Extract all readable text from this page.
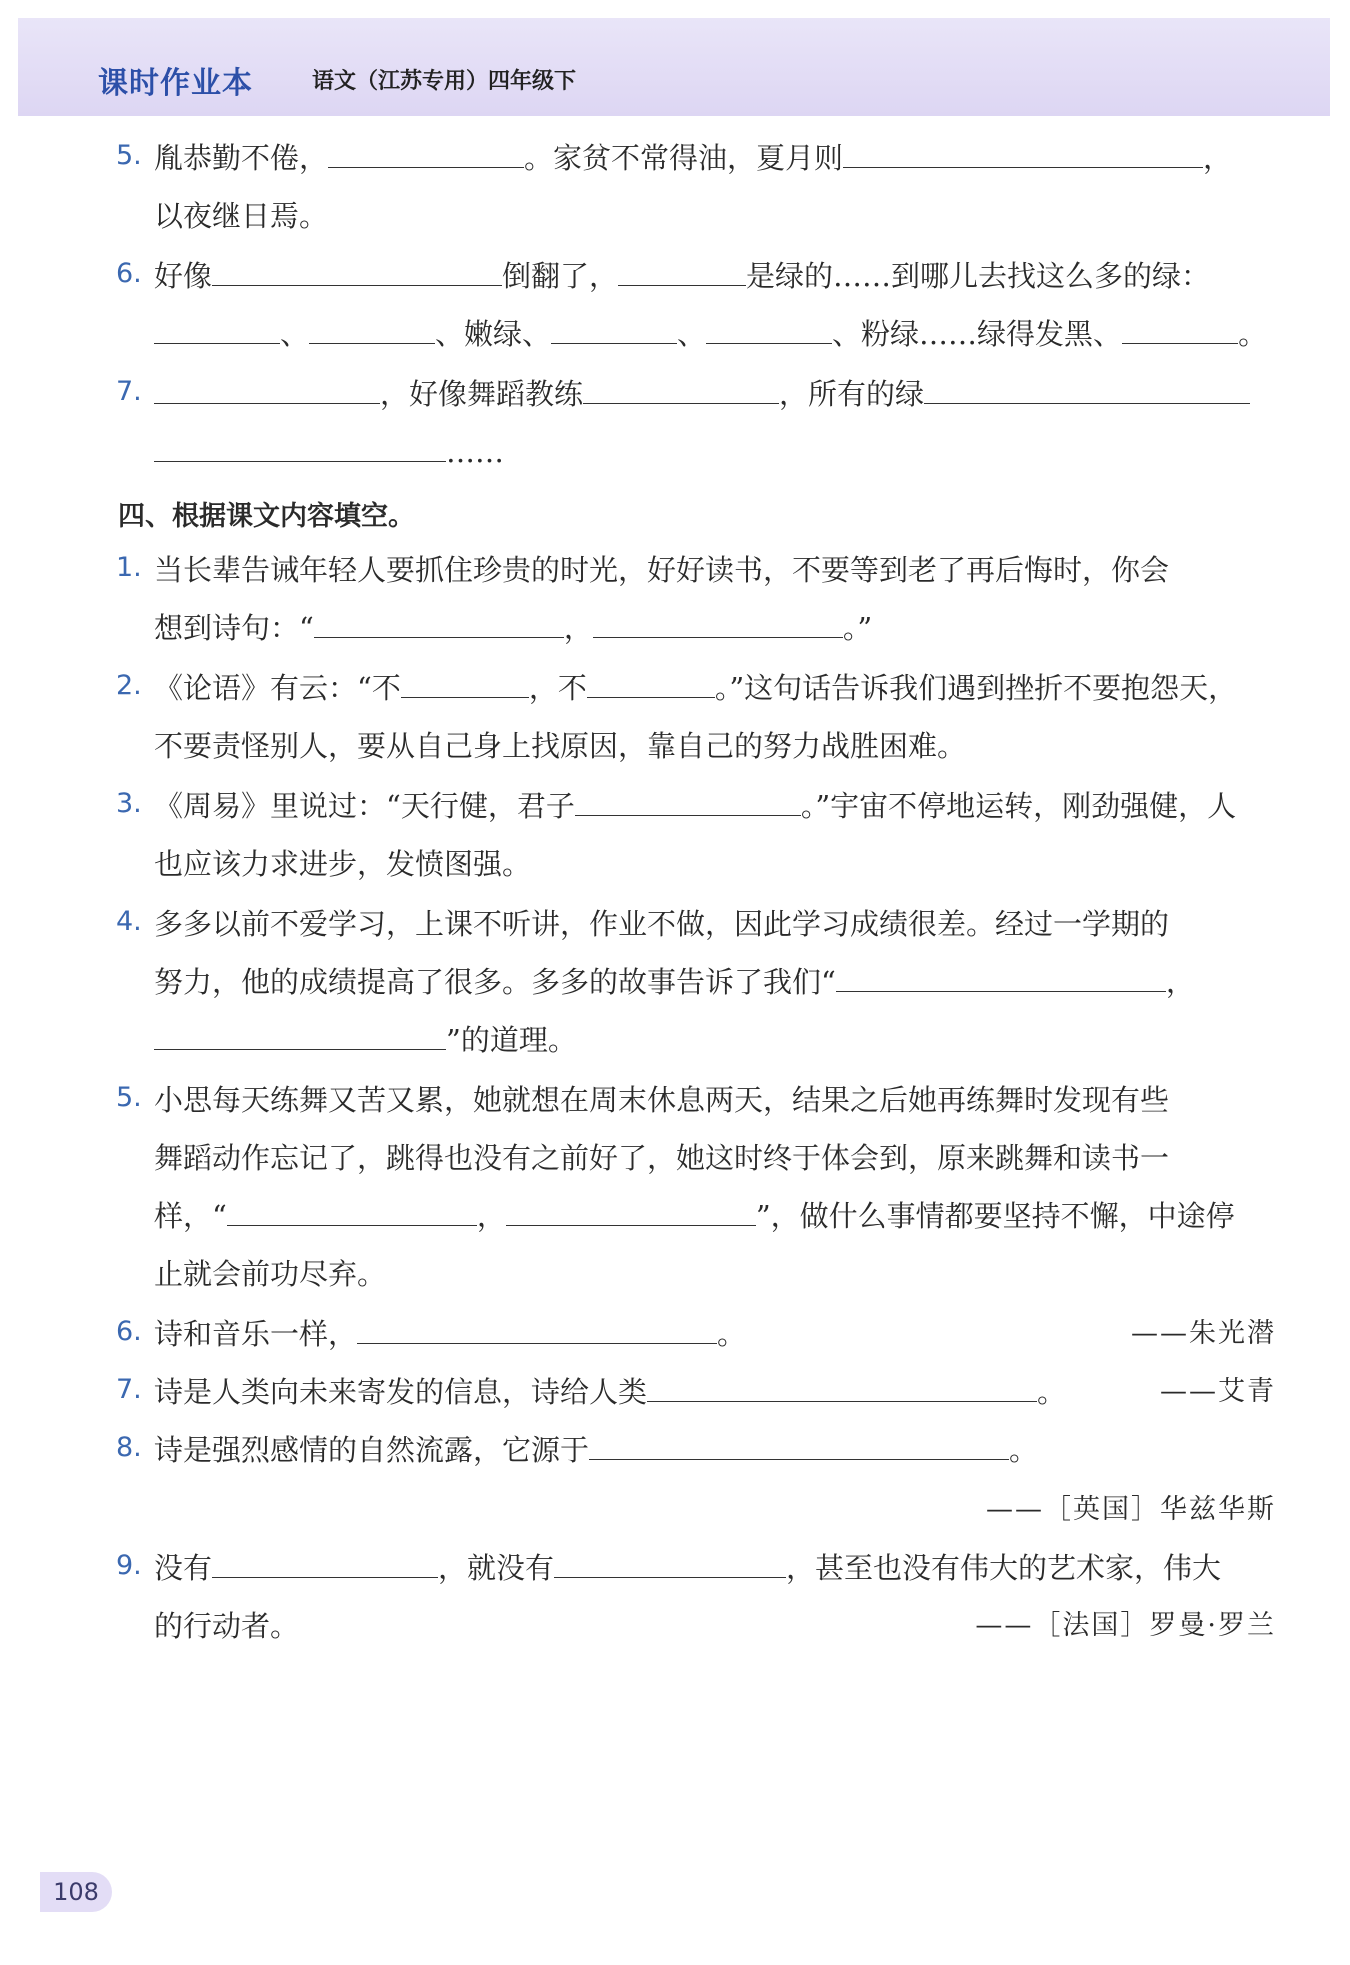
课时作业本	语文（江苏专用）四年级下
5. 胤恭勤不倦，	。家贫不常得油，夏月则	，
以夜继日焉。
6. 好像	倒翻了，	是绿的……到哪儿去找这么多的绿：
、	、嫩绿、	、	、粉绿……绿得发黑、	。
7.	，好像舞蹈教练	，所有的绿
……
四、根据课文内容填空。
1. 当长辈告诫年轻人要抓住珍贵的时光，好好读书，不要等到老了再后悔时，你会
想到诗句：“	，	。”
2. 《论语》有云：“不	，不	。”这句话告诉我们遇到挫折不要抱怨天，
不要责怪别人，要从自己身上找原因，靠自己的努力战胜困难。
3. 《周易》里说过：“天行健，君子	。”宇宙不停地运转，刚劲强健，人
也应该力求进步，发愤图强。
4. 多多以前不爱学习，上课不听讲，作业不做，因此学习成绩很差。经过一学期的
努力，他的成绩提高了很多。多多的故事告诉了我们“	，
”的道理。
5. 小思每天练舞又苦又累，她就想在周末休息两天，结果之后她再练舞时发现有些
舞蹈动作忘记了，跳得也没有之前好了，她这时终于体会到，原来跳舞和读书一
样，“	，	”，做什么事情都要坚持不懈，中途停
止就会前功尽弃。
6. 诗和音乐一样，	。	——朱光潜
7. 诗是人类向未来寄发的信息，诗给人类	。	——艾青
8. 诗是强烈感情的自然流露，它源于	。
——［英国］华兹华斯
9. 没有	，就没有	，甚至也没有伟大的艺术家，伟大
的行动者。	——［法国］罗曼·罗兰
108
